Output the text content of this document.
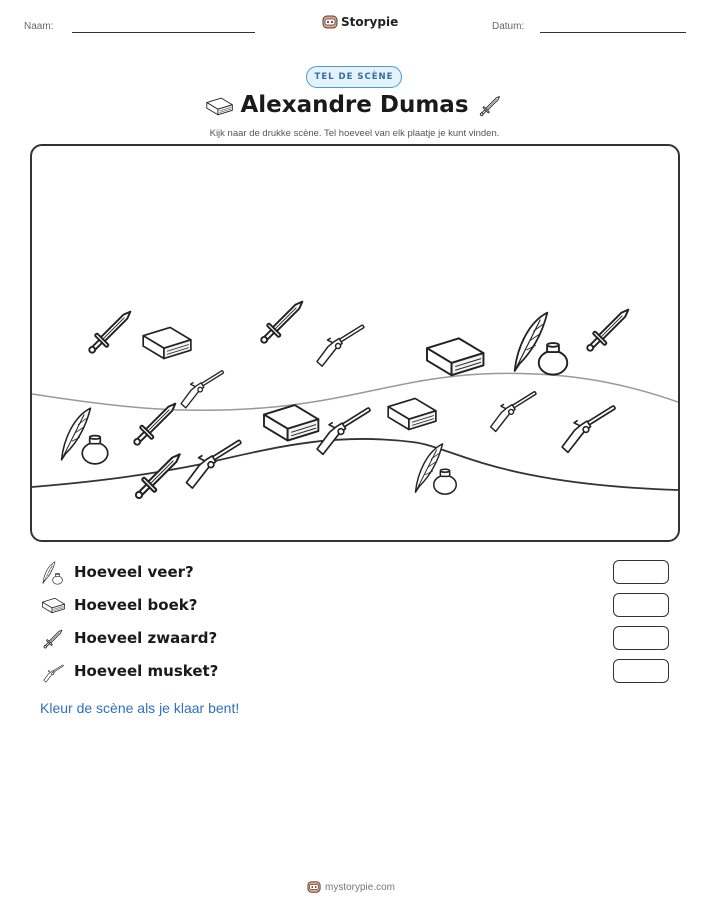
Naam:	Storypie	Datum:
TEL DE SCÈNE
Alexandre Dumas
Kijk naar de drukke scène. Tel hoeveel van elk plaatje je kunt vinden.
Hoeveel veer?
Hoeveel boek?
Hoeveel zwaard?
Hoeveel musket?
Kleur de scène als je klaar bent!
mystorypie.com
